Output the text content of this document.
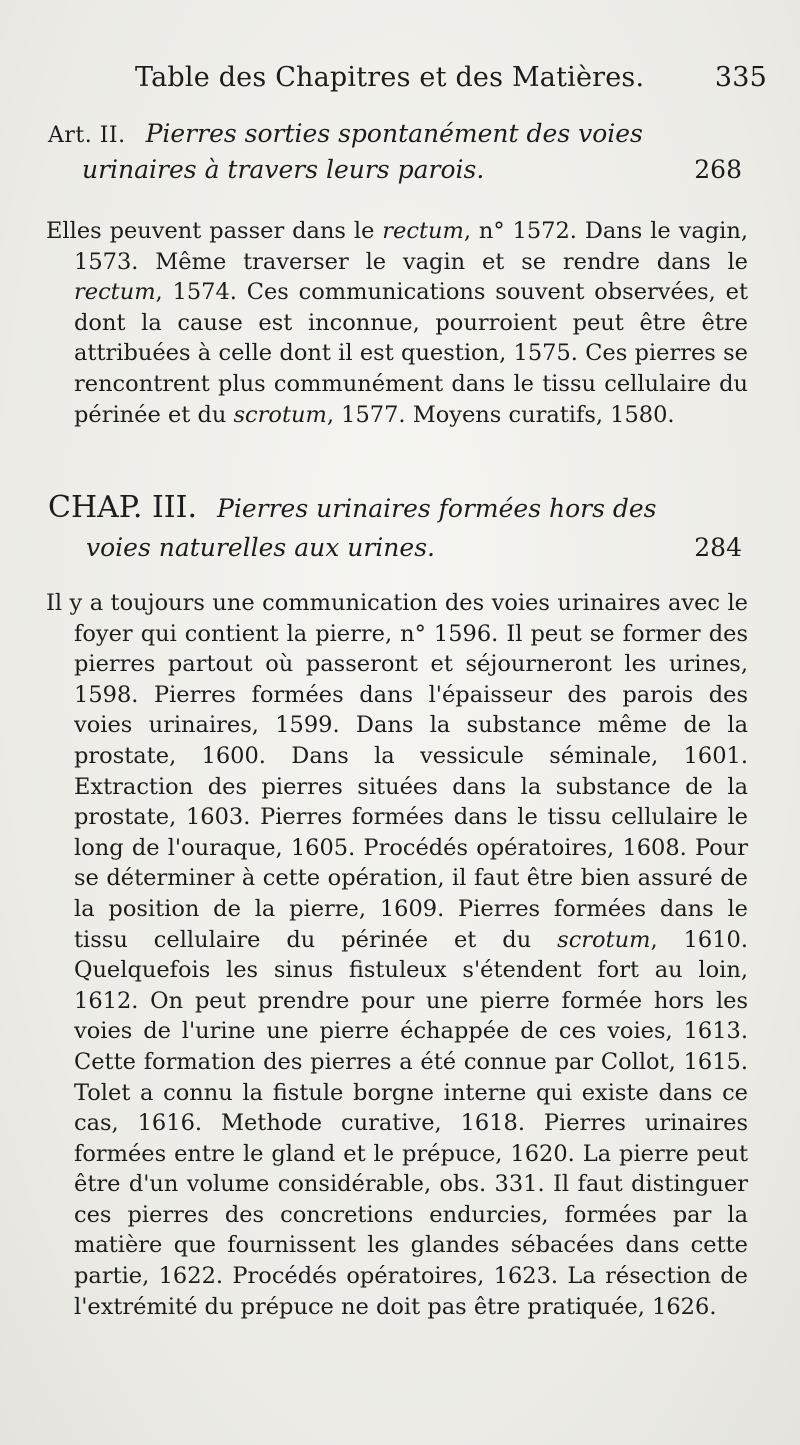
Table des Chapitres et des Matières.	335
Art. II. Pierres sorties spontanément des voies
urinaires à travers leurs parois.	268
Elles peuvent passer dans le rectum, n° 1572. Dans le vagin, 1573. Même traverser le vagin et se rendre dans le rectum, 1574. Ces communications souvent observées, et dont la cause est inconnue, pourroient peut être être attribuées à celle dont il est question, 1575. Ces pierres se rencontrent plus communément dans le tissu cellulaire du périnée et du scrotum, 1577. Moyens curatifs, 1580.
CHAP. III. Pierres urinaires formées hors des
voies naturelles aux urines.	284
Il y a toujours une communication des voies urinaires avec le foyer qui contient la pierre, n° 1596. Il peut se former des pierres partout où passeront et séjourneront les urines, 1598. Pierres formées dans l'épaisseur des parois des voies urinaires, 1599. Dans la substance même de la prostate, 1600. Dans la vessicule séminale, 1601. Extraction des pierres situées dans la substance de la prostate, 1603. Pierres formées dans le tissu cellulaire le long de l'ouraque, 1605. Procédés opératoires, 1608. Pour se déterminer à cette opération, il faut être bien assuré de la position de la pierre, 1609. Pierres formées dans le tissu cellulaire du périnée et du scrotum, 1610. Quelquefois les sinus fistuleux s'étendent fort au loin, 1612. On peut prendre pour une pierre formée hors les voies de l'urine une pierre échappée de ces voies, 1613. Cette formation des pierres a été connue par Collot, 1615. Tolet a connu la fistule borgne interne qui existe dans ce cas, 1616. Methode curative, 1618. Pierres urinaires formées entre le gland et le prépuce, 1620. La pierre peut être d'un volume considérable, obs. 331. Il faut distinguer ces pierres des concretions endurcies, formées par la matière que fournissent les glandes sébacées dans cette partie, 1622. Procédés opératoires, 1623. La résection de l'extrémité du prépuce ne doit pas être pratiquée, 1626.
